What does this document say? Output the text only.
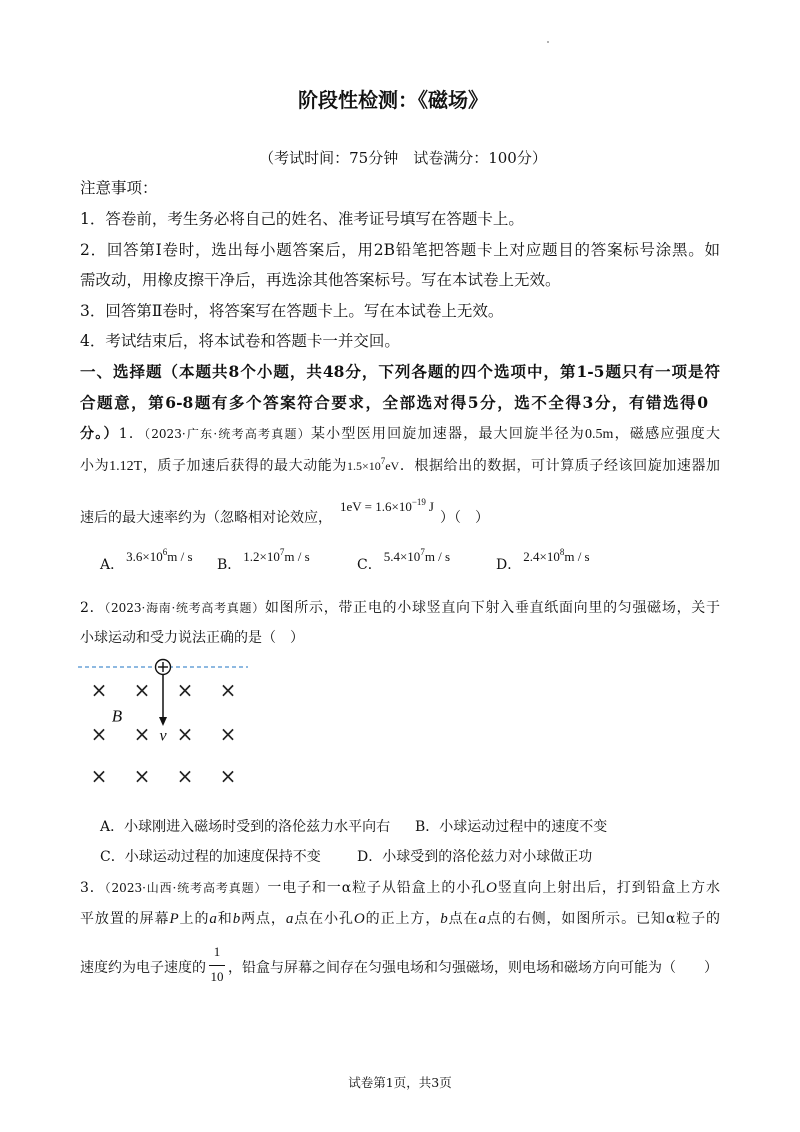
阶段性检测：《磁场》
（考试时间：75分钟　试卷满分：100分）
注意事项：
1．答卷前，考生务必将自己的姓名、准考证号填写在答题卡上。
2．回答第Ⅰ卷时，选出每小题答案后，用2B铅笔把答题卡上对应题目的答案标号涂黑。如
需改动，用橡皮擦干净后，再选涂其他答案标号。写在本试卷上无效。
3．回答第Ⅱ卷时，将答案写在答题卡上。写在本试卷上无效。
4．考试结束后，将本试卷和答题卡一并交回。
一、选择题（本题共8个小题，共48分，下列各题的四个选项中，第1-5题只有一项是符
合题意，第6-8题有多个答案符合要求，全部选对得5分，选不全得3分，有错选得0
分。）1．（2023·广东·统考高考真题）某小型医用回旋加速器，最大回旋半径为0.5m，磁感应强度大
小为1.12T，质子加速后获得的最大动能为$1.5\times 10^7eV$．根据给出的数据，可计算质子经该回旋加速器加
速后的最大速率约为（忽略相对论效应，$1eV = 1.6\times 10^{-19}$ J）（　）
A．$3.6\times 10^6m / s$
B．$1.2\times 10^7m / s$
C．$5.4\times 10^7m / s$
D．$2.4\times 10^8m / s$
2．（2023·海南·统考高考真题）如图所示，带正电的小球竖直向下射入垂直纸面向里的匀强磁场，关于
小球运动和受力说法正确的是（　）
× × × ×
× × × ×
× × × ×
B
v
A．小球刚进入磁场时受到的洛伦兹力水平向右 B．小球运动过程中的速度不变
C．小球运动过程的加速度保持不变	D．小球受到的洛伦兹力对小球做正功
3．（2023·山西·统考高考真题）一电子和一α粒子从铅盒上的小孔O竖直向上射出后，打到铅盒上方水
平放置的屏幕P上的a和b两点，a点在小孔O的正上方，b点在a点的右侧，如图所示。已知α粒子的
速度约为电子速度的 $\frac{1}{10}$ ，铅盒与屏幕之间存在匀强电场和匀强磁场，则电场和磁场方向可能为（　　）
试卷第1页，共3页
